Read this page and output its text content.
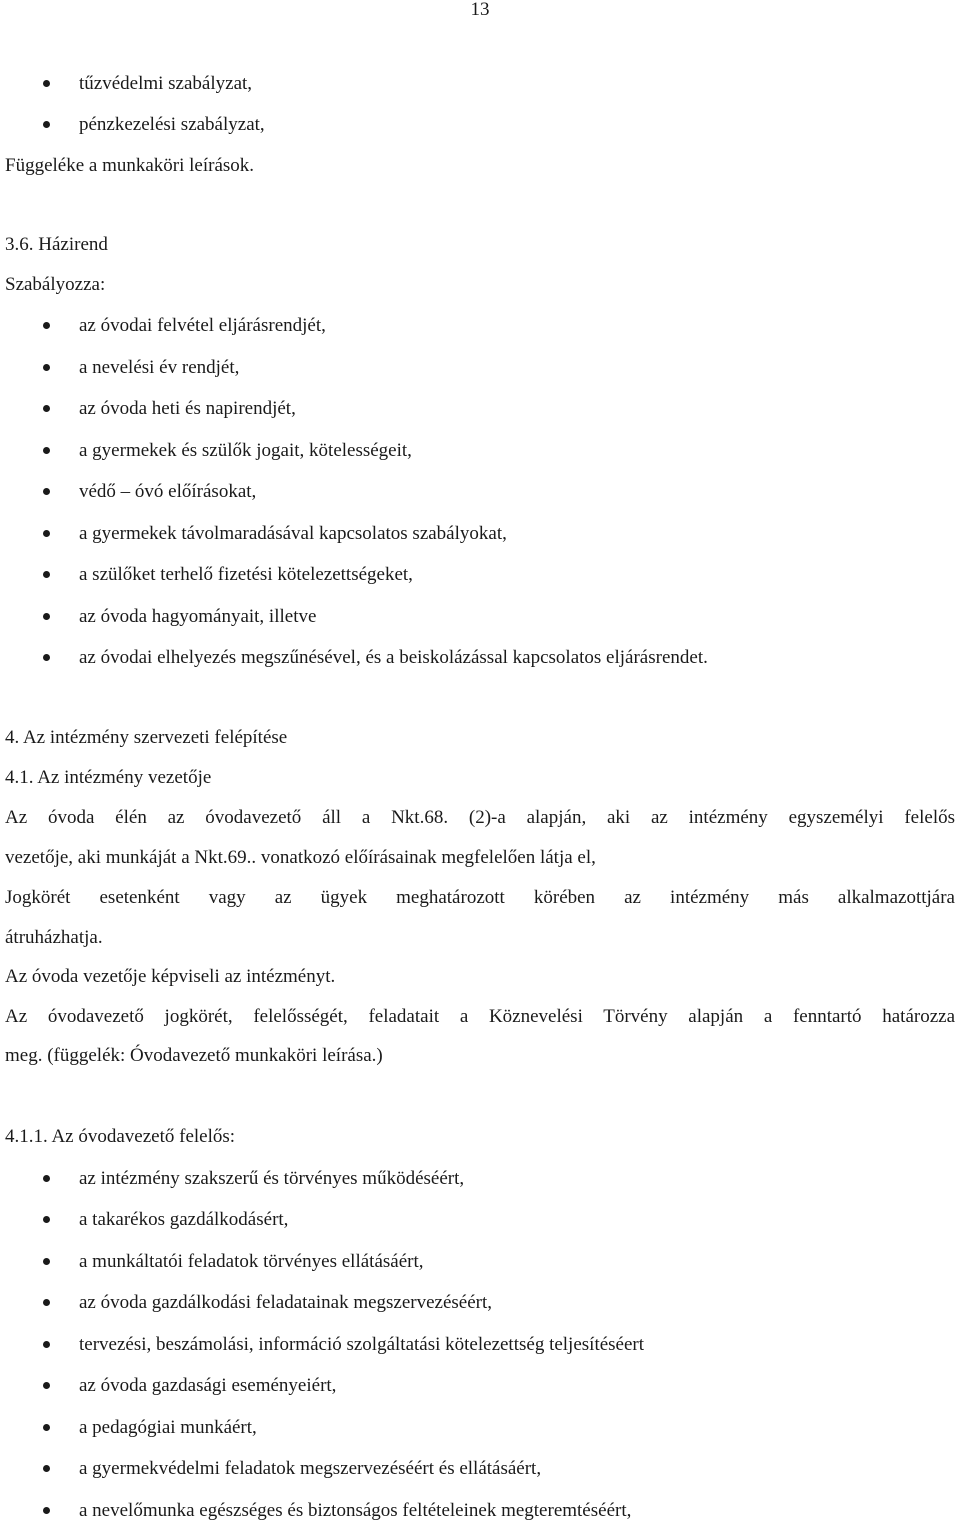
13
tűzvédelmi szabályzat,
pénzkezelési szabályzat,
Függeléke a munkaköri leírások.
3.6. Házirend
Szabályozza:
az óvodai felvétel eljárásrendjét,
a nevelési év rendjét,
az óvoda heti és napirendjét,
a gyermekek és szülők jogait, kötelességeit,
védő – óvó előírásokat,
a gyermekek távolmaradásával kapcsolatos szabályokat,
a szülőket terhelő fizetési kötelezettségeket,
az óvoda hagyományait, illetve
az óvodai elhelyezés megszűnésével, és a beiskolázással kapcsolatos eljárásrendet.
4. Az intézmény szervezeti felépítése
4.1. Az intézmény vezetője
Az óvoda élén az óvodavezető áll a Nkt.68. (2)-a alapján, aki az intézmény egyszemélyi felelős
vezetője, aki munkáját a Nkt.69.. vonatkozó előírásainak megfelelően látja el,
Jogkörét esetenként vagy az ügyek meghatározott körében az intézmény más alkalmazottjára
átruházhatja.
Az óvoda vezetője képviseli az intézményt.
Az óvodavezető jogkörét, felelősségét, feladatait a Köznevelési Törvény alapján a fenntartó határozza
meg. (függelék: Óvodavezető munkaköri leírása.)
4.1.1. Az óvodavezető felelős:
az intézmény szakszerű és törvényes működéséért,
a takarékos gazdálkodásért,
a munkáltatói feladatok törvényes ellátásáért,
az óvoda gazdálkodási feladatainak megszervezéséért,
tervezési, beszámolási, információ szolgáltatási kötelezettség teljesítéséert
az óvoda gazdasági eseményeiért,
a pedagógiai munkáért,
a gyermekvédelmi feladatok megszervezéséért és ellátásáért,
a nevelőmunka egészséges és biztonságos feltételeinek megteremtéséért,
